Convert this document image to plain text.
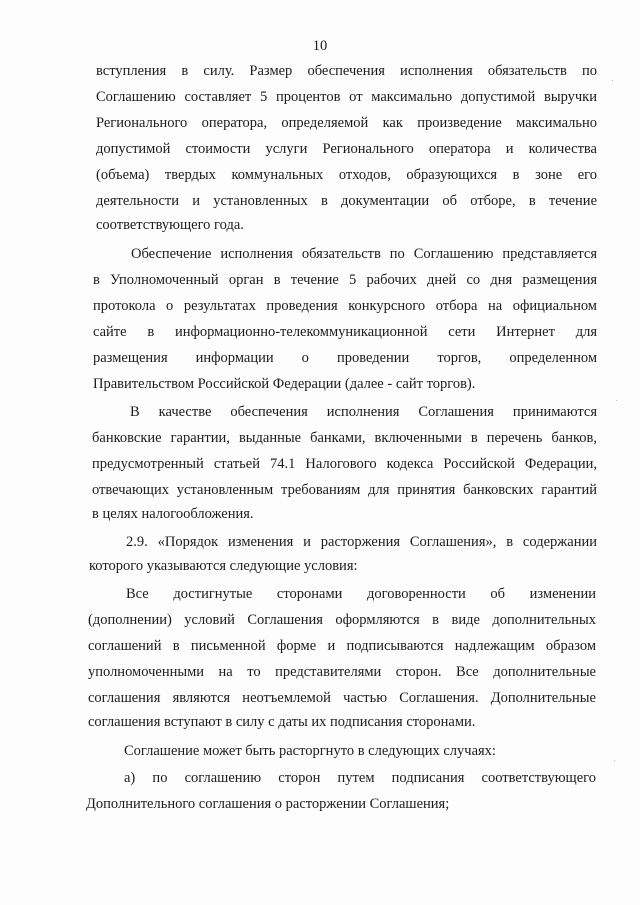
10
вступления в силу. Размер обеспечения исполнения обязательств по
Соглашению составляет 5 процентов от максимально допустимой выручки
Регионального оператора, определяемой как произведение максимально
допустимой стоимости услуги Регионального оператора и количества
(объема) твердых коммунальных отходов, образующихся в зоне его
деятельности и установленных в документации об отборе, в течение
соответствующего года.
Обеспечение исполнения обязательств по Соглашению представляется
в Уполномоченный орган в течение 5 рабочих дней со дня размещения
протокола о результатах проведения конкурсного отбора на официальном
сайте в информационно-телекоммуникационной сети Интернет для
размещения информации о проведении торгов, определенном
Правительством Российской Федерации (далее - сайт торгов).
В качестве обеспечения исполнения Соглашения принимаются
банковские гарантии, выданные банками, включенными в перечень банков,
предусмотренный статьей 74.1 Налогового кодекса Российской Федерации,
отвечающих установленным требованиям для принятия банковских гарантий
в целях налогообложения.
2.9. «Порядок изменения и расторжения Соглашения», в содержании
которого указываются следующие условия:
Все достигнутые сторонами договоренности об изменении
(дополнении) условий Соглашения оформляются в виде дополнительных
соглашений в письменной форме и подписываются надлежащим образом
уполномоченными на то представителями сторон. Все дополнительные
соглашения являются неотъемлемой частью Соглашения. Дополнительные
соглашения вступают в силу с даты их подписания сторонами.
Соглашение может быть расторгнуто в следующих случаях:
а) по соглашению сторон путем подписания соответствующего
Дополнительного соглашения о расторжении Соглашения;
